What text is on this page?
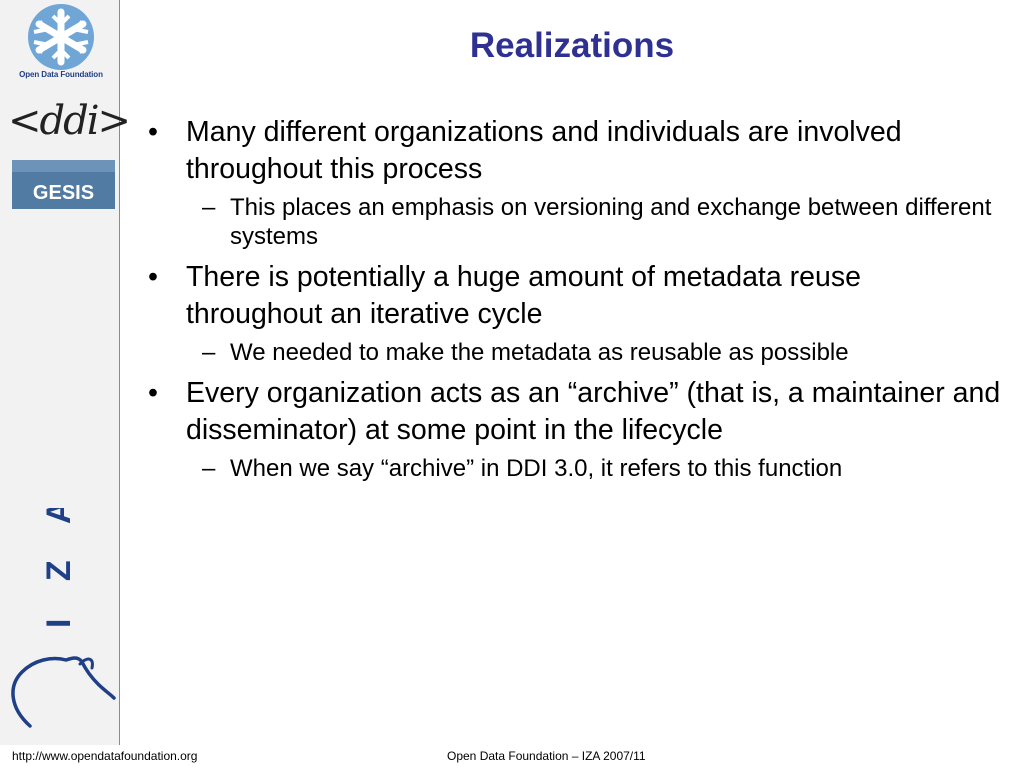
Open Data Foundation
<ddi>
GESIS
I Z A
Realizations
• Many different organizations and individuals are involved throughout this process
– This places an emphasis on versioning and exchange between different systems
• There is potentially a huge amount of metadata reuse throughout an iterative cycle
– We needed to make the metadata as reusable as possible
• Every organization acts as an “archive” (that is, a maintainer and disseminator) at some point in the lifecycle
– When we say “archive” in DDI 3.0, it refers to this function
http://www.opendatafoundation.org	Open Data Foundation – IZA 2007/11
